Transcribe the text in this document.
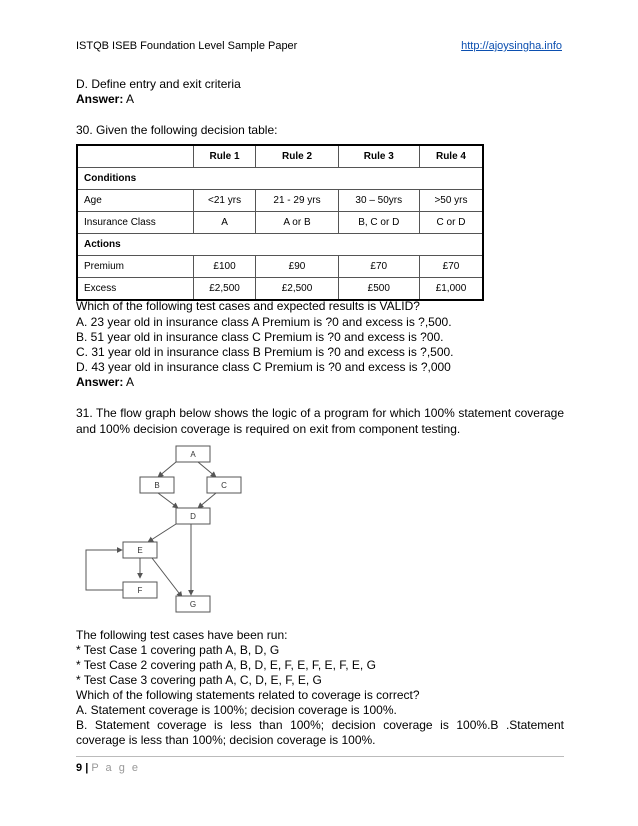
ISTQB ISEB Foundation Level Sample Paper	http://ajoysingha.info
D. Define entry and exit criteria
Answer: A
30. Given the following decision table:
	Rule 1	Rule 2	Rule 3	Rule 4
Conditions				
Age	<21 yrs	21 - 29 yrs	30 – 50yrs	>50 yrs
Insurance Class	A	A or B	B, C or D	C or D
Actions				
Premium	£100	£90	£70	£70
Excess	£2,500	£2,500	£500	£1,000
Which of the following test cases and expected results is VALID?
A. 23 year old in insurance class A Premium is ?0 and excess is ?,500.
B. 51 year old in insurance class C Premium is ?0 and excess is ?00.
C. 31 year old in insurance class B Premium is ?0 and excess is ?,500.
D. 43 year old in insurance class C Premium is ?0 and excess is ?,000
Answer: A
31. The flow graph below shows the logic of a program for which 100% statement coverage and 100% decision coverage is required on exit from component testing.
A
B	C
D
E
F
G
The following test cases have been run:
* Test Case 1 covering path A, B, D, G
* Test Case 2 covering path A, B, D, E, F, E, F, E, F, E, G
* Test Case 3 covering path A, C, D, E, F, E, G
Which of the following statements related to coverage is correct?
A. Statement coverage is 100%; decision coverage is 100%.
B. Statement coverage is less than 100%; decision coverage is 100%.B .Statement coverage is less than 100%; decision coverage is 100%.
9 | P a g e
